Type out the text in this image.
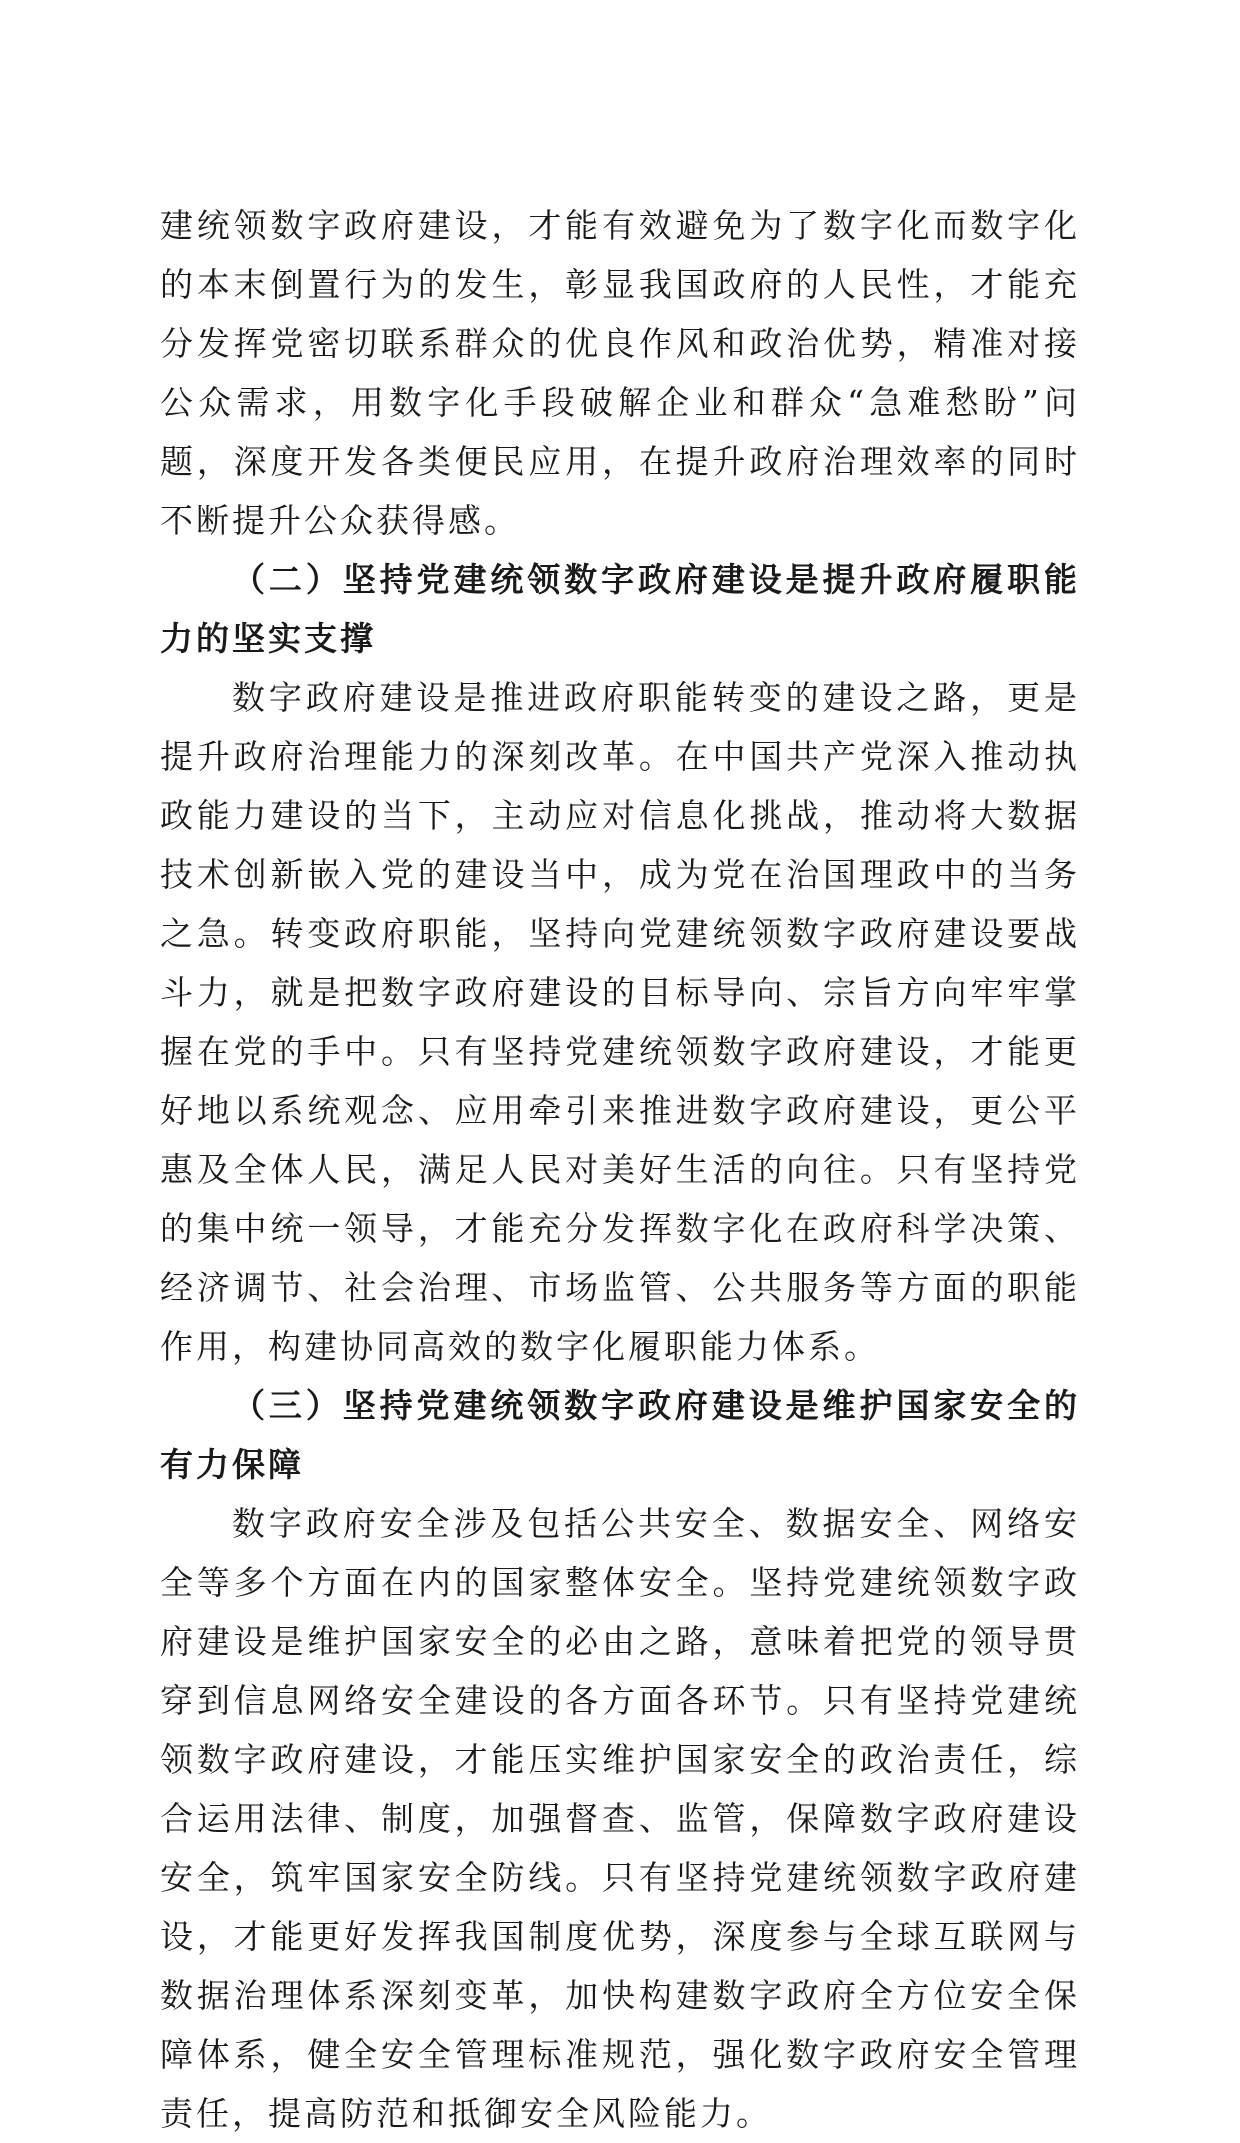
建统领数字政府建设，才能有效避免为了数字化而数字化的本末倒置行为的发生，彰显我国政府的人民性，才能充分发挥党密切联系群众的优良作风和政治优势，精准对接公众需求，用数字化手段破解企业和群众“急难愁盼”问题，深度开发各类便民应用，在提升政府治理效率的同时不断提升公众获得感。

（二）坚持党建统领数字政府建设是提升政府履职能力的坚实支撑

数字政府建设是推进政府职能转变的建设之路，更是提升政府治理能力的深刻改革。在中国共产党深入推动执政能力建设的当下，主动应对信息化挑战，推动将大数据技术创新嵌入党的建设当中，成为党在治国理政中的当务之急。转变政府职能，坚持向党建统领数字政府建设要战斗力，就是把数字政府建设的目标导向、宗旨方向牢牢掌握在党的手中。只有坚持党建统领数字政府建设，才能更好地以系统观念、应用牵引来推进数字政府建设，更公平惠及全体人民，满足人民对美好生活的向往。只有坚持党的集中统一领导，才能充分发挥数字化在政府科学决策、经济调节、社会治理、市场监管、公共服务等方面的职能作用，构建协同高效的数字化履职能力体系。

（三）坚持党建统领数字政府建设是维护国家安全的有力保障

数字政府安全涉及包括公共安全、数据安全、网络安全等多个方面在内的国家整体安全。坚持党建统领数字政府建设是维护国家安全的必由之路，意味着把党的领导贯穿到信息网络安全建设的各方面各环节。只有坚持党建统领数字政府建设，才能压实维护国家安全的政治责任，综合运用法律、制度，加强督查、监管，保障数字政府建设安全，筑牢国家安全防线。只有坚持党建统领数字政府建设，才能更好发挥我国制度优势，深度参与全球互联网与数据治理体系深刻变革，加快构建数字政府全方位安全保障体系，健全安全管理标准规范，强化数字政府安全管理责任，提高防范和抵御安全风险能力。
